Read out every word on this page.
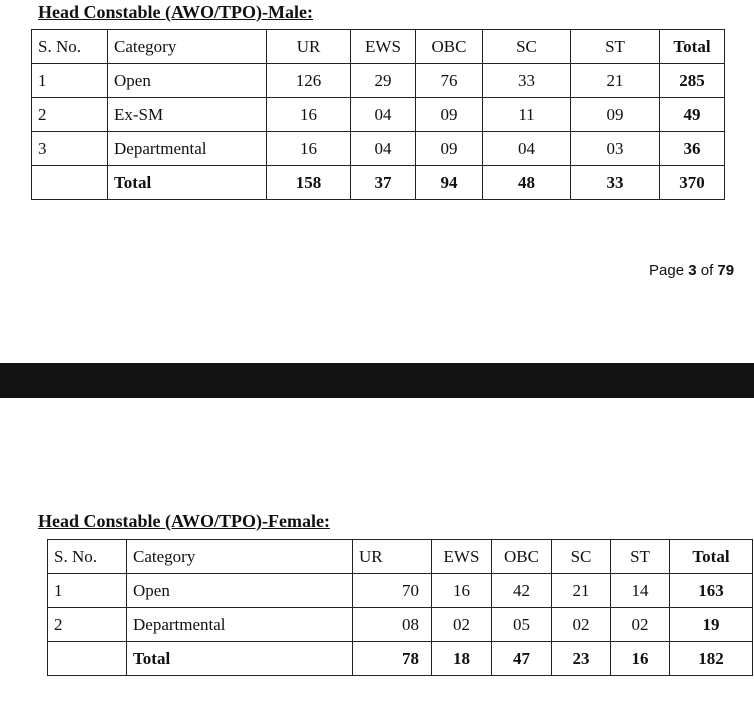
Head Constable (AWO/TPO)-Male:
S. No.	Category	UR	EWS	OBC	SC	ST	Total
1	Open	126	29	76	33	21	285
2	Ex-SM	16	04	09	11	09	49
3	Departmental	16	04	09	04	03	36
	Total	158	37	94	48	33	370
Page 3 of 79
Head Constable (AWO/TPO)-Female:
S. No.	Category	UR	EWS	OBC	SC	ST	Total
1	Open	70	16	42	21	14	163
2	Departmental	08	02	05	02	02	19
	Total	78	18	47	23	16	182
